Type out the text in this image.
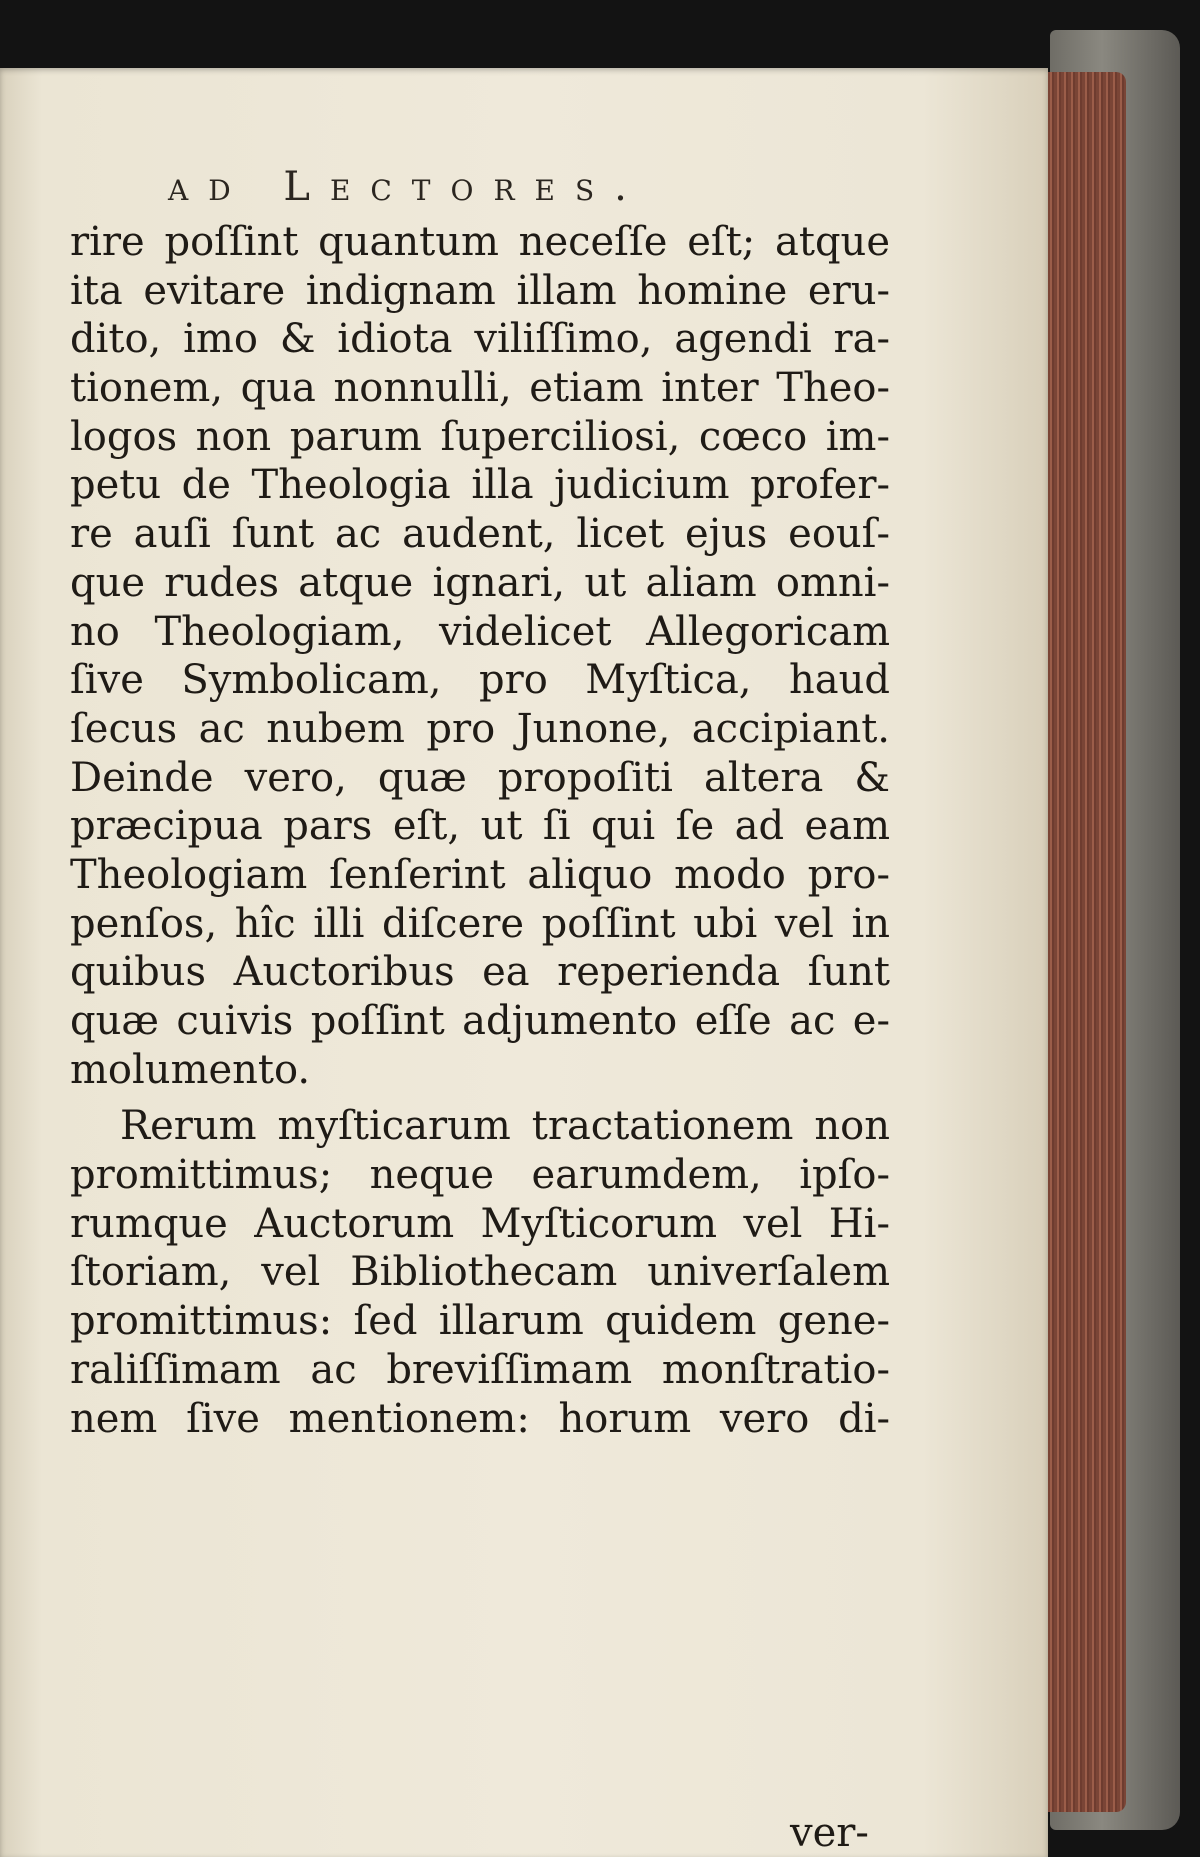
ad Lectores.
rire poſſint quantum neceſſe eſt; atque
ita evitare indignam illam homine eru-
dito, imo & idiota viliſſimo, agendi ra-
tionem, qua nonnulli, etiam inter Theo-
logos non parum ſuperciliosi, cœco im-
petu de Theologia illa judicium profer-
re auſi ſunt ac audent, licet ejus eouſ-
que rudes atque ignari, ut aliam omni-
no Theologiam, videlicet Allegoricam
ſive Symbolicam, pro Myſtica, haud
ſecus ac nubem pro Junone, accipiant.
Deinde vero, quæ propoſiti altera &
præcipua pars eſt, ut ſi qui ſe ad eam
Theologiam ſenſerint aliquo modo pro-
penſos, hîc illi diſcere poſſint ubi vel in
quibus Auctoribus ea reperienda ſunt
quæ cuivis poſſint adjumento eſſe ac e-
molumento.
Rerum myſticarum tractationem non
promittimus; neque earumdem, ipſo-
rumque Auctorum Myſticorum vel Hi-
ſtoriam, vel Bibliothecam univerſalem
promittimus: ſed illarum quidem gene-
raliſſimam ac breviſſimam monſtratio-
nem ſive mentionem: horum vero di-
ver-
